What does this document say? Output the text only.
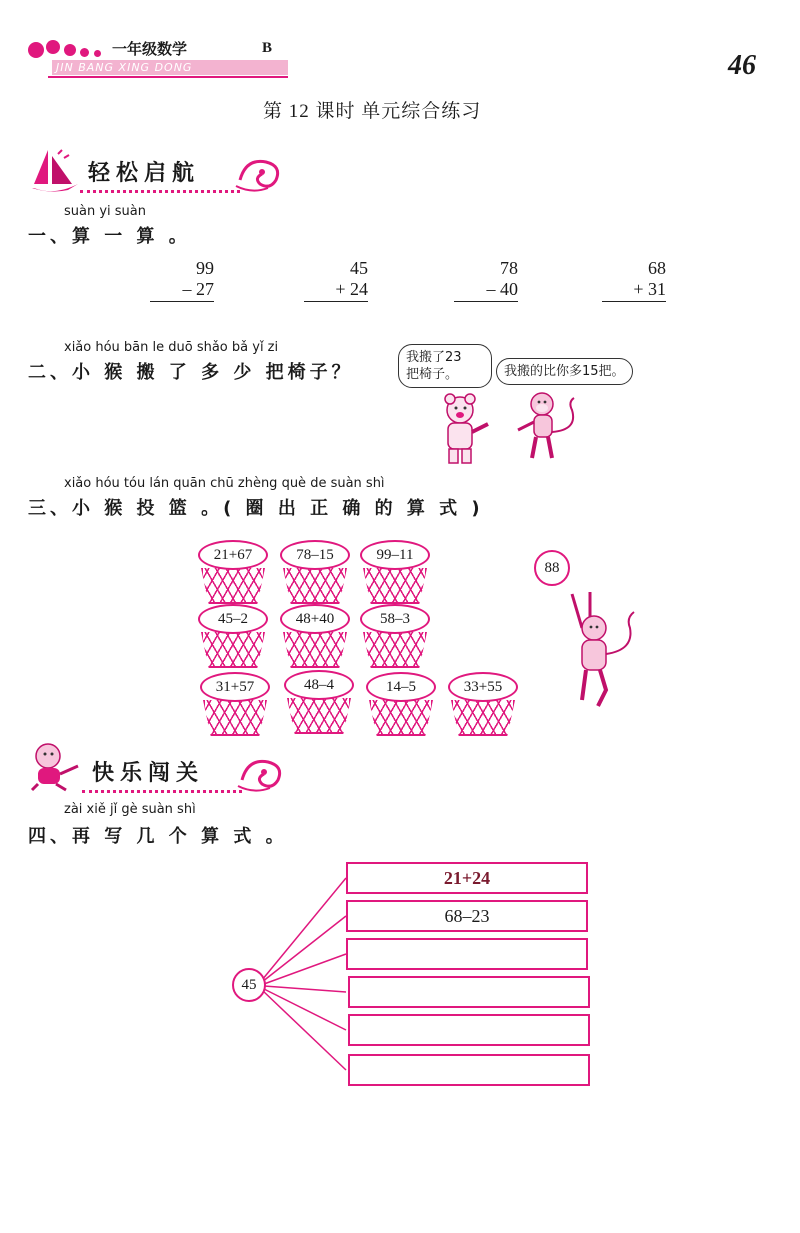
一年级数学	B
JIN BANG XING DONG	46
第 12 课时 单元综合练习
轻松启航
suàn yi suàn
一、算 一 算 。
99
– 27
45
+ 24
78
– 40
68
+ 31
xiǎo hóu bān le duō shǎo bǎ yǐ zi
二、小 猴 搬 了 多 少 把椅子？
我搬了23
把椅子。	我搬的比你多15把。
xiǎo hóu tóu lán quān chū zhèng què de suàn shì
三、小 猴 投 篮 。( 圈 出 正 确 的 算 式 )
21+67	78–15	99–11
45–2	48+40	58–3
31+57	48–4	14–5	33+55
88
快乐闯关
zài xiě jǐ gè suàn shì
四、再 写 几 个 算 式 。
45
21+24
68–23
